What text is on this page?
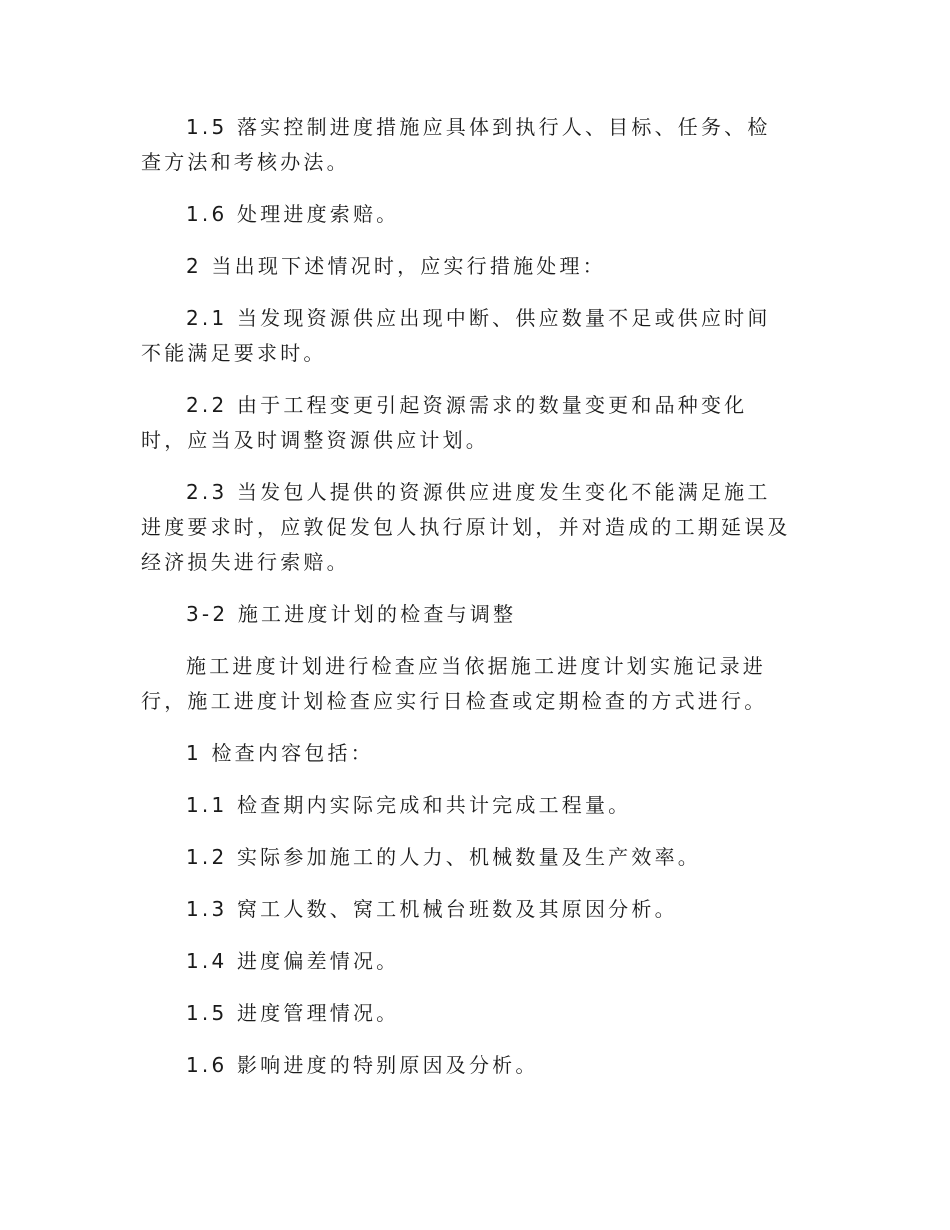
1.5 落实控制进度措施应具体到执行人、目标、任务、检查方法和考核办法。

1.6 处理进度索赔。

2 当出现下述情况时，应实行措施处理：

2.1 当发现资源供应出现中断、供应数量不足或供应时间不能满足要求时。

2.2 由于工程变更引起资源需求的数量变更和品种变化时，应当及时调整资源供应计划。

2.3 当发包人提供的资源供应进度发生变化不能满足施工进度要求时，应敦促发包人执行原计划，并对造成的工期延误及经济损失进行索赔。

3-2 施工进度计划的检查与调整

施工进度计划进行检查应当依据施工进度计划实施记录进行，施工进度计划检查应实行日检查或定期检查的方式进行。

1 检查内容包括：

1.1 检查期内实际完成和共计完成工程量。

1.2 实际参加施工的人力、机械数量及生产效率。

1.3 窝工人数、窝工机械台班数及其原因分析。

1.4 进度偏差情况。

1.5 进度管理情况。

1.6 影响进度的特别原因及分析。
